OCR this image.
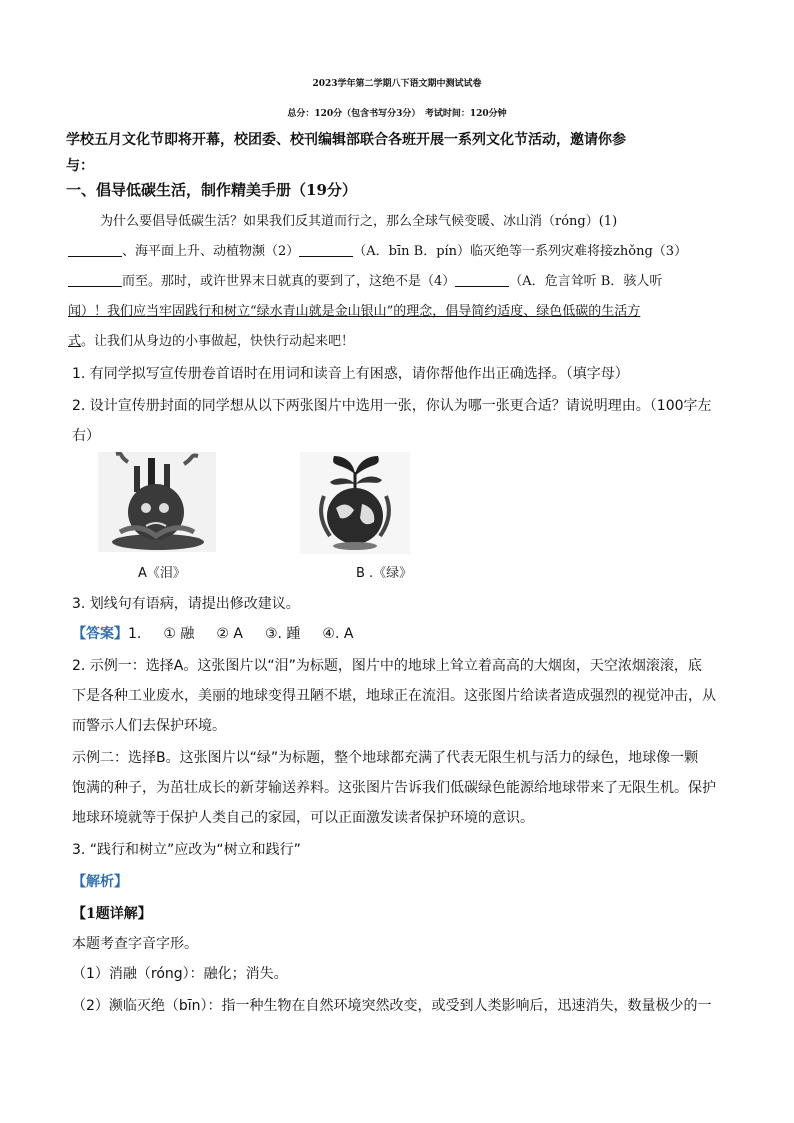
2023学年第二学期八下语文期中测试试卷
总分：120分（包含书写分3分）　考试时间：120分钟
学校五月文化节即将开幕，校团委、校刊编辑部联合各班开展一系列文化节活动，邀请你参
与：
一、倡导低碳生活，制作精美手册（19分）
为什么要倡导低碳生活？如果我们反其道而行之，那么全球气候变暖、冰山消（róng）(1)
、海平面上升、动植物濒（2）	（A．bīn B．pín）临灭绝等一系列灾难将接zhǒng（3）
而至。那时，或许世界末日就真的要到了，这绝不是（4）	（A．危言耸听 B．骇人听
闻）！我们应当牢固践行和树立“绿水青山就是金山银山”的理念，倡导简约适度、绿色低碳的生活方
式。让我们从身边的小事做起，快快行动起来吧！
1. 有同学拟写宣传册卷首语时在用词和读音上有困惑，请你帮他作出正确选择。（填字母）
2. 设计宣传册封面的同学想从以下两张图片中选用一张，你认为哪一张更合适？请说明理由。（100字左
右）
A《泪》	B .《绿》
3. 划线句有语病，请提出修改建议。
【答案】1. ① 融 ② A ③. 踵 ④. A
2. 示例一：选择A。这张图片以“泪”为标题，图片中的地球上耸立着高高的大烟囱，天空浓烟滚滚，底
下是各种工业废水，美丽的地球变得丑陋不堪，地球正在流泪。这张图片给读者造成强烈的视觉冲击，从
而警示人们去保护环境。
示例二：选择B。这张图片以“绿”为标题，整个地球都充满了代表无限生机与活力的绿色，地球像一颗
饱满的种子，为茁壮成长的新芽输送养料。这张图片告诉我们低碳绿色能源给地球带来了无限生机。保护
地球环境就等于保护人类自己的家园，可以正面激发读者保护环境的意识。
3. “践行和树立”应改为“树立和践行”
【解析】
【1题详解】
本题考查字音字形。
（1）消融（róng）：融化；消失。
（2）濒临灭绝（bīn）：指一种生物在自然环境突然改变，或受到人类影响后，迅速消失，数量极少的一
